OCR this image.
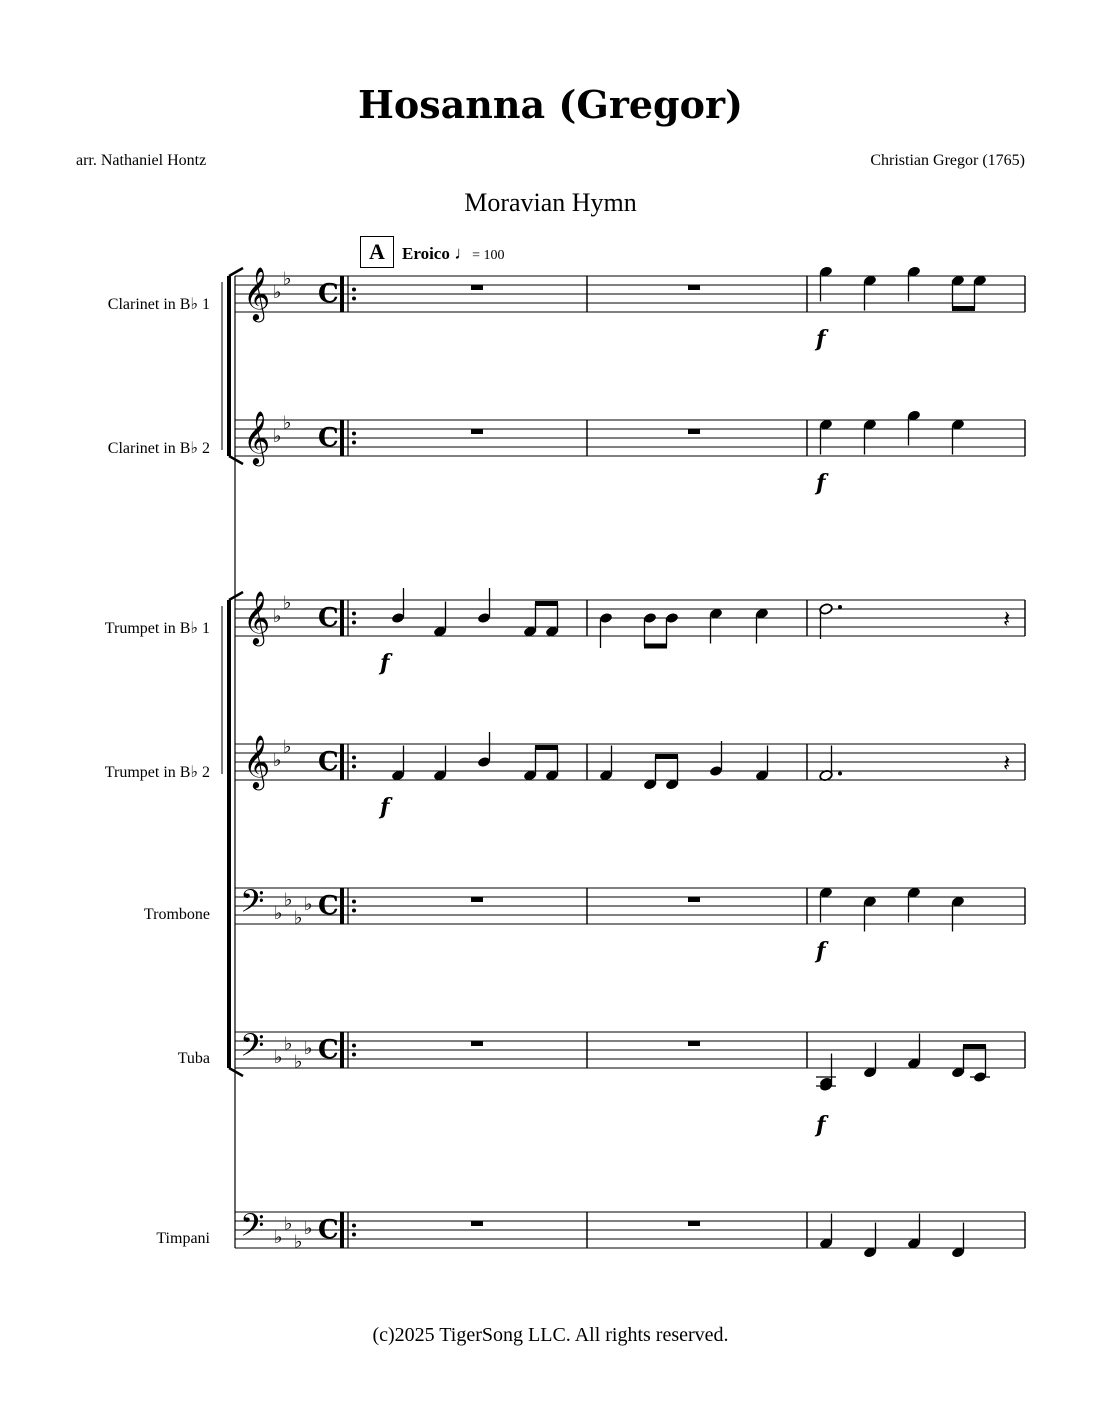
Hosanna (Gregor)
arr. Nathaniel Hontz	Christian Gregor (1765)
Moravian Hymn
A	Eroico ♩= 100
Clarinet in B♭ 1
Clarinet in B♭ 2
Trumpet in B♭ 1
Trumpet in B♭ 2
Trombone
Tuba
Timpani
(c)2025 TigerSong LLC. All rights reserved.
𝄞 ♭
♭ C
𝄞 ♭
♭ C
𝄞 ♭
♭ C
𝄞 ♭
♭ C
𝄢 ♭
♭
♭
♭ C
𝄢 ♭
♭
♭
♭ C
𝄢 ♭
♭
♭
♭ C
f
f
f
𝄽
f
𝄽
f
f
